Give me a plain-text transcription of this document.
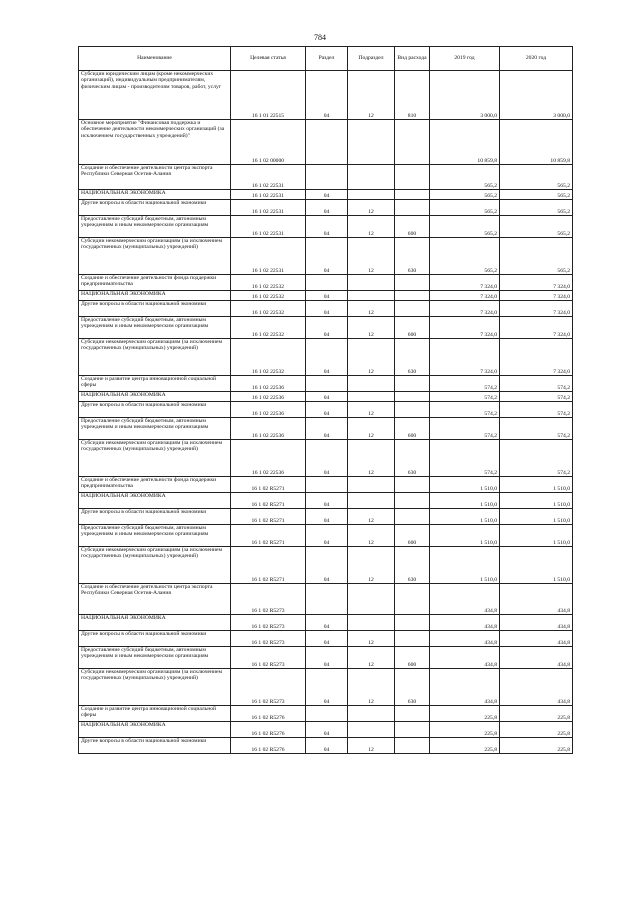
784
Наименование	Целевая статья	Раздел	Подраздел	Вид расхода	2019 год	2020 год
Субсидии юридическим лицам (кроме некоммерческих организаций), индивидуальным предпринимателям, физическим лицам - производителям товаров, работ, услуг	16 1 01 22515	04	12	810	3 000,0	3 000,0
Основное мероприятие "Финансовая поддержка и обеспечение деятельности некоммерческих организаций (за исключением государственных учреждений)"	16 1 02 00000				10 859,8	10 859,8
Создание и обеспечение деятельности центра экспорта Республики Северная Осетия-Алания	16 1 02 22531				565,2	565,2
НАЦИОНАЛЬНАЯ ЭКОНОМИКА	16 1 02 22531	04			565,2	565,2
Другие вопросы в области национальной экономики	16 1 02 22531	04	12		565,2	565,2
Предоставление субсидий бюджетным, автономным учреждениям и иным некоммерческим организациям	16 1 02 22531	04	12	600	565,2	565,2
Субсидии некоммерческим организациям (за исключением государственных (муниципальных) учреждений)	16 1 02 22531	04	12	630	565,2	565,2
Создание и обеспечение деятельности фонда поддержки предпринимательства	16 1 02 22532				7 324,0	7 324,0
НАЦИОНАЛЬНАЯ ЭКОНОМИКА	16 1 02 22532	04			7 324,0	7 324,0
Другие вопросы в области национальной экономики	16 1 02 22532	04	12		7 324,0	7 324,0
Предоставление субсидий бюджетным, автономным учреждениям и иным некоммерческим организациям	16 1 02 22532	04	12	600	7 324,0	7 324,0
Субсидии некоммерческим организациям (за исключением государственных (муниципальных) учреждений)	16 1 02 22532	04	12	630	7 324,0	7 324,0
Создание и развитие центра инновационной социальной сферы	16 1 02 22536				574,2	574,2
НАЦИОНАЛЬНАЯ ЭКОНОМИКА	16 1 02 22536	04			574,2	574,2
Другие вопросы в области национальной экономики	16 1 02 22536	04	12		574,2	574,2
Предоставление субсидий бюджетным, автономным учреждениям и иным некоммерческим организациям	16 1 02 22536	04	12	600	574,2	574,2
Субсидии некоммерческим организациям (за исключением государственных (муниципальных) учреждений)	16 1 02 22536	04	12	630	574,2	574,2
Создание и обеспечение деятельности фонда поддержки предпринимательства	16 1 02 R5271				1 510,0	1 510,0
НАЦИОНАЛЬНАЯ ЭКОНОМИКА	16 1 02 R5271	04			1 510,0	1 510,0
Другие вопросы в области национальной экономики	16 1 02 R5271	04	12		1 510,0	1 510,0
Предоставление субсидий бюджетным, автономным учреждениям и иным некоммерческим организациям	16 1 02 R5271	04	12	600	1 510,0	1 510,0
Субсидии некоммерческим организациям (за исключением государственных (муниципальных) учреждений)	16 1 02 R5271	04	12	630	1 510,0	1 510,0
Создание и обеспечение деятельности центра экспорта Республики Северная Осетия-Алания	16 1 02 R5273				434,8	434,8
НАЦИОНАЛЬНАЯ ЭКОНОМИКА	16 1 02 R5273	04			434,8	434,8
Другие вопросы в области национальной экономики	16 1 02 R5273	04	12		434,8	434,8
Предоставление субсидий бюджетным, автономным учреждениям и иным некоммерческим организациям	16 1 02 R5273	04	12	600	434,8	434,8
Субсидии некоммерческим организациям (за исключением государственных (муниципальных) учреждений)	16 1 02 R5273	04	12	630	434,8	434,8
Создание и развитие центра инновационной социальной сферы	16 1 02 R5276				225,8	225,8
НАЦИОНАЛЬНАЯ ЭКОНОМИКА	16 1 02 R5276	04			225,8	225,8
Другие вопросы в области национальной экономики	16 1 02 R5276	04	12		225,8	225,8
